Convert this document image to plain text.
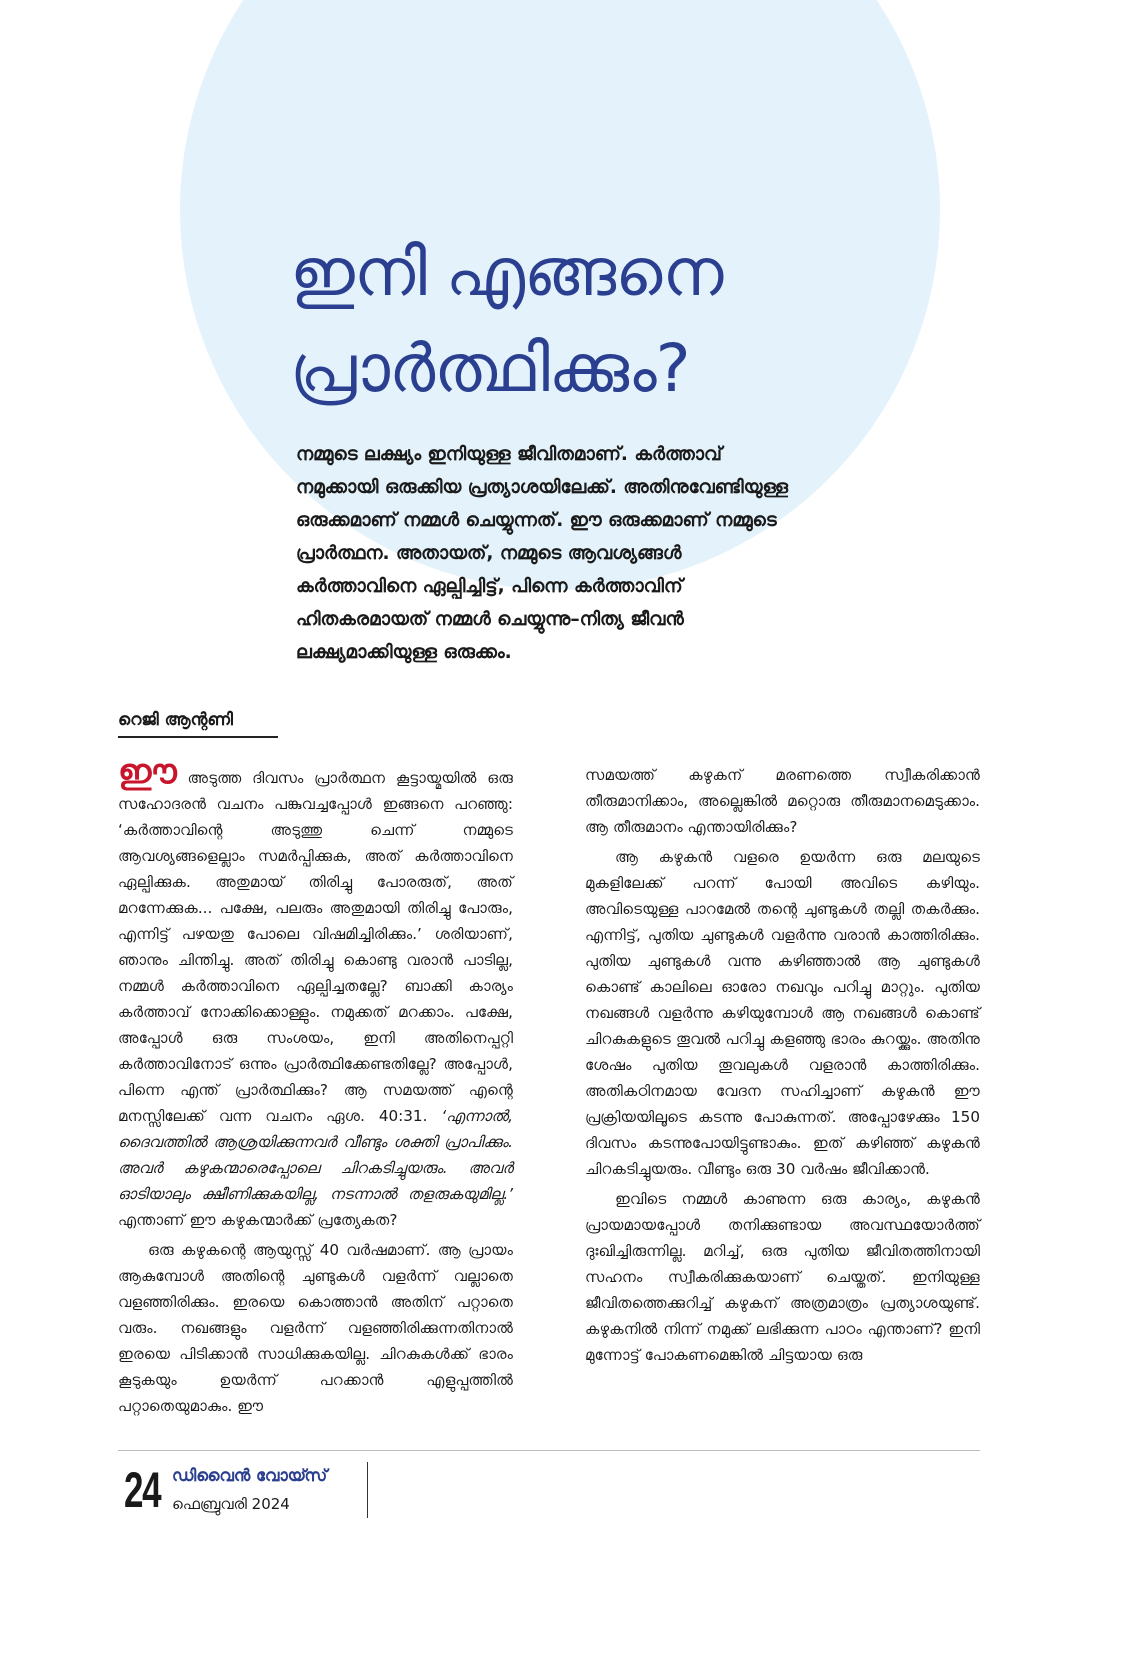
ഇനി എങ്ങനെ
പ്രാർത്ഥിക്കും?

നമ്മുടെ ലക്ഷ്യം ഇനിയുള്ള ജീവിതമാണ്. കർത്താവ് നമുക്കായി ഒരുക്കിയ പ്രത്യാശയിലേക്ക്. അതിനുവേണ്ടിയുള്ള ഒരുക്കമാണ് നമ്മൾ ചെയ്യുന്നത്. ഈ ഒരുക്കമാണ് നമ്മുടെ പ്രാർത്ഥന. അതായത്, നമ്മുടെ ആവശ്യങ്ങൾ കർത്താവിനെ ഏല്പിച്ചിട്ട്, പിന്നെ കർത്താവിന് ഹിതകരമായത് നമ്മൾ ചെയ്യുന്നു–നിത്യ ജീവൻ ലക്ഷ്യമാക്കിയുള്ള ഒരുക്കം.

റെജി ആന്റണി

ഈ അടുത്ത ദിവസം പ്രാർത്ഥന കൂട്ടായ്മയിൽ ഒരു സഹോദരൻ വചനം പങ്കുവച്ചപ്പോൾ ഇങ്ങനെ പറഞ്ഞു: ‘കർത്താവിന്റെ അടുത്തു ചെന്ന് നമ്മുടെ ആവശ്യങ്ങളെല്ലാം സമർപ്പിക്കുക, അത് കർത്താവിനെ ഏല്പിക്കുക. അതുമായ് തിരിച്ചു പോരരുത്, അത് മറന്നേക്കുക... പക്ഷേ, പലരും അതുമായി തിരിച്ചു പോരും, എന്നിട്ട് പഴയതു പോലെ വിഷമിച്ചിരിക്കും.’ ശരിയാണ്, ഞാനും ചിന്തിച്ചു. അത് തിരിച്ചു കൊണ്ടു വരാൻ പാടില്ല, നമ്മൾ കർത്താവിനെ ഏല്പിച്ചതല്ലേ? ബാക്കി കാര്യം കർത്താവ് നോക്കിക്കൊള്ളും. നമുക്കത് മറക്കാം. പക്ഷേ, അപ്പോൾ ഒരു സംശയം, ഇനി അതിനെപ്പറ്റി കർത്താവിനോട് ഒന്നും പ്രാർത്ഥിക്കേണ്ടതില്ലേ? അപ്പോൾ, പിന്നെ എന്ത് പ്രാർത്ഥിക്കും? ആ സമയത്ത് എന്റെ മനസ്സിലേക്ക് വന്ന വചനം ഏശ. 40:31. ‘എന്നാൽ, ദൈവത്തിൽ ആശ്രയിക്കുന്നവർ വീണ്ടും ശക്തി പ്രാപിക്കും. അവർ കഴുകന്മാരെപ്പോലെ ചിറകടിച്ചുയരും. അവർ ഓടിയാലും ക്ഷീണിക്കുകയില്ല, നടന്നാൽ തളരുകയുമില്ല.’ എന്താണ് ഈ കഴുകന്മാർക്ക് പ്രത്യേകത?

ഒരു കഴുകന്റെ ആയുസ്സ് 40 വർഷമാണ്. ആ പ്രായം ആകുമ്പോൾ അതിന്റെ ചുണ്ടുകൾ വളർന്ന് വല്ലാതെ വളഞ്ഞിരിക്കും. ഇരയെ കൊത്താൻ അതിന് പറ്റാതെ വരും. നഖങ്ങളും വളർന്ന് വളഞ്ഞിരിക്കുന്നതിനാൽ ഇരയെ പിടിക്കാൻ സാധിക്കുകയില്ല. ചിറകുകൾക്ക് ഭാരം കൂടുകയും ഉയർന്ന് പറക്കാൻ എളുപ്പത്തിൽ പറ്റാതെയുമാകും. ഈ

സമയത്ത് കഴുകന് മരണത്തെ സ്വീകരിക്കാൻ തീരുമാനിക്കാം, അല്ലെങ്കിൽ മറ്റൊരു തീരുമാനമെടുക്കാം. ആ തീരുമാനം എന്തായിരിക്കും?

ആ കഴുകൻ വളരെ ഉയർന്ന ഒരു മലയുടെ മുകളിലേക്ക് പറന്ന് പോയി അവിടെ കഴിയും. അവിടെയുള്ള പാറമേൽ തന്റെ ചുണ്ടുകൾ തല്ലി തകർക്കും. എന്നിട്ട്, പുതിയ ചുണ്ടുകൾ വളർന്നു വരാൻ കാത്തിരിക്കും. പുതിയ ചുണ്ടുകൾ വന്നു കഴിഞ്ഞാൽ ആ ചുണ്ടുകൾ കൊണ്ട് കാലിലെ ഓരോ നഖവും പറിച്ചു മാറ്റും. പുതിയ നഖങ്ങൾ വളർന്നു കഴിയുമ്പോൾ ആ നഖങ്ങൾ കൊണ്ട് ചിറകുകളുടെ തൂവൽ പറിച്ചു കളഞ്ഞു ഭാരം കുറയ്ക്കും. അതിനു ശേഷം പുതിയ തൂവലുകൾ വളരാൻ കാത്തിരിക്കും. അതികഠിനമായ വേദന സഹിച്ചാണ് കഴുകൻ ഈ പ്രക്രിയയിലൂടെ കടന്നു പോകുന്നത്. അപ്പോഴേക്കും 150 ദിവസം കടന്നുപോയിട്ടുണ്ടാകും. ഇത് കഴിഞ്ഞ് കഴുകൻ ചിറകടിച്ചുയരും. വീണ്ടും ഒരു 30 വർഷം ജീവിക്കാൻ.

ഇവിടെ നമ്മൾ കാണുന്ന ഒരു കാര്യം, കഴുകൻ പ്രായമായപ്പോൾ തനിക്കുണ്ടായ അവസ്ഥയോർത്ത് ദുഃഖിച്ചിരുന്നില്ല. മറിച്ച്, ഒരു പുതിയ ജീവിതത്തിനായി സഹനം സ്വീകരിക്കുകയാണ് ചെയ്തത്. ഇനിയുള്ള ജീവിതത്തെക്കുറിച്ച് കഴുകന് അത്രമാത്രം പ്രത്യാശയുണ്ട്. കഴുകനിൽ നിന്ന് നമുക്ക് ലഭിക്കുന്ന പാഠം എന്താണ്? ഇനി മുന്നോട്ട് പോകണമെങ്കിൽ ചിട്ടയായ ഒരു

24 ഡിവൈൻ വോയ്സ്

ഫെബ്രുവരി 2024
